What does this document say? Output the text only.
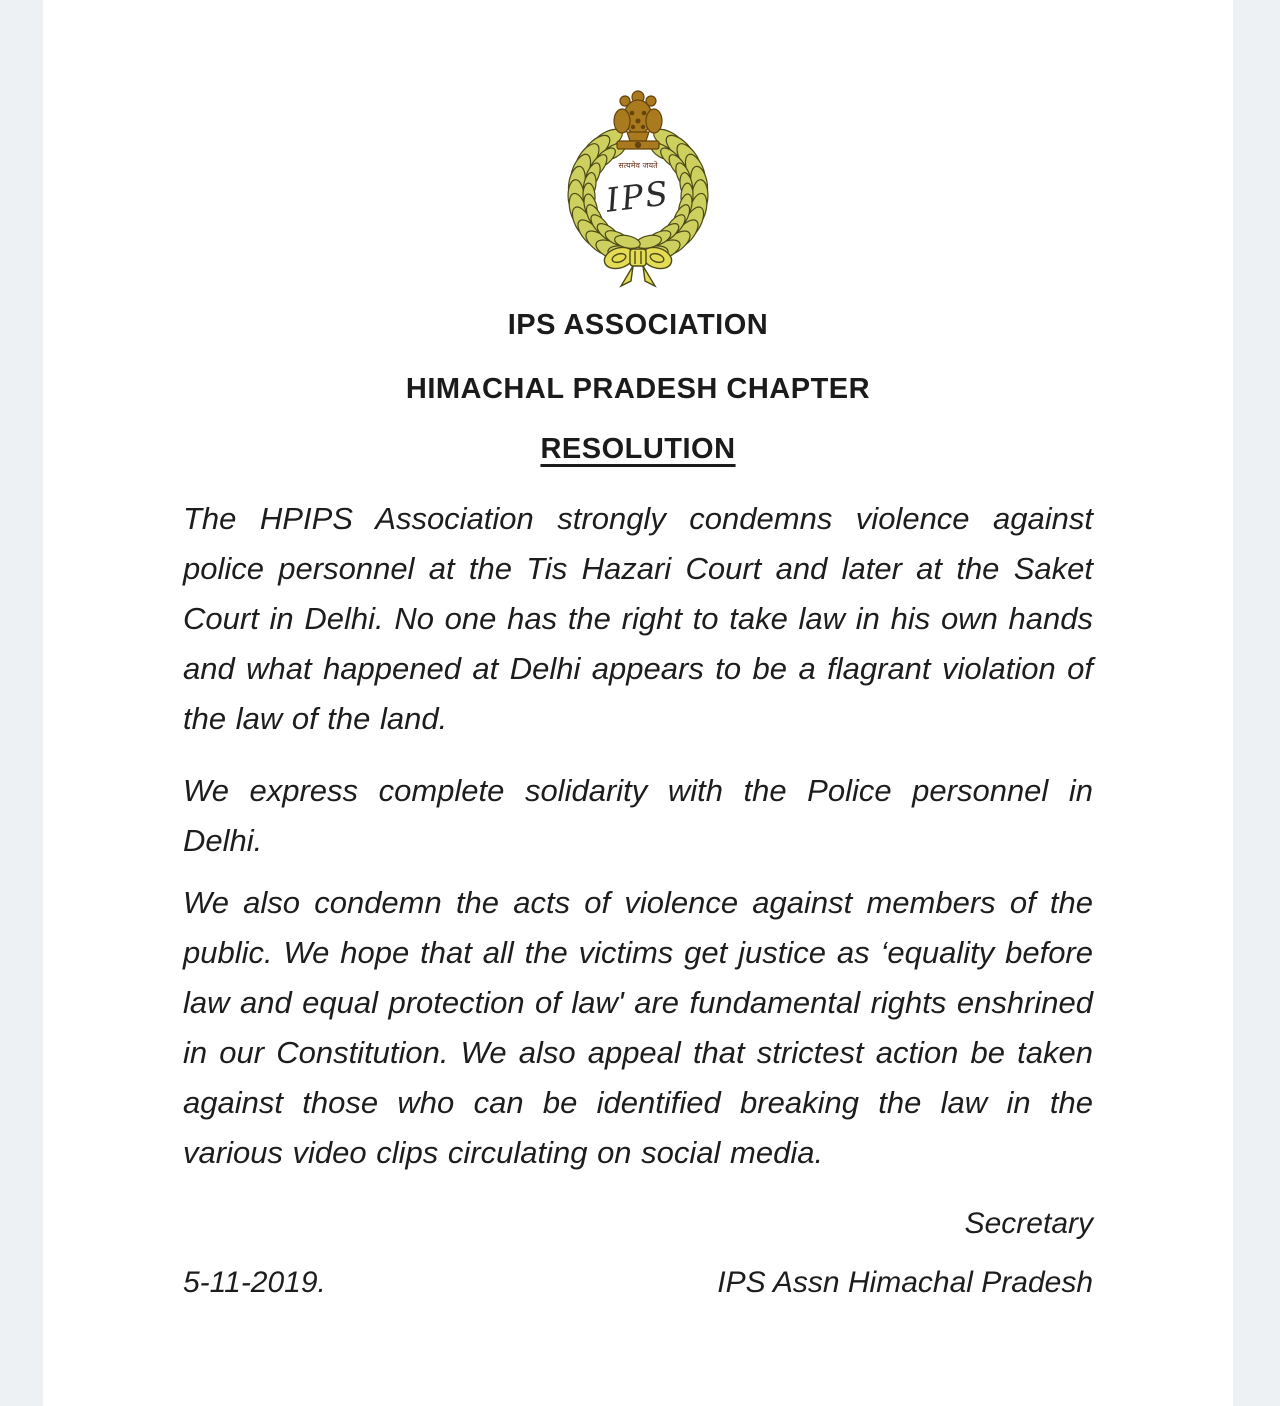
सत्यमेव जयते
IPS
IPS ASSOCIATION
HIMACHAL PRADESH CHAPTER
RESOLUTION

The HPIPS Association strongly condemns violence against police personnel at the Tis Hazari Court and later at the Saket Court in Delhi. No one has the right to take law in his own hands and what happened at Delhi appears to be a flagrant violation of the law of the land.

We express complete solidarity with the Police personnel in Delhi.

We also condemn the acts of violence against members of the public. We hope that all the victims get justice as ‘equality before law and equal protection of law' are fundamental rights enshrined in our Constitution. We also appeal that strictest action be taken against those who can be identified breaking the law in the various video clips circulating on social media.

Secretary
5-11-2019.	IPS Assn Himachal Pradesh
